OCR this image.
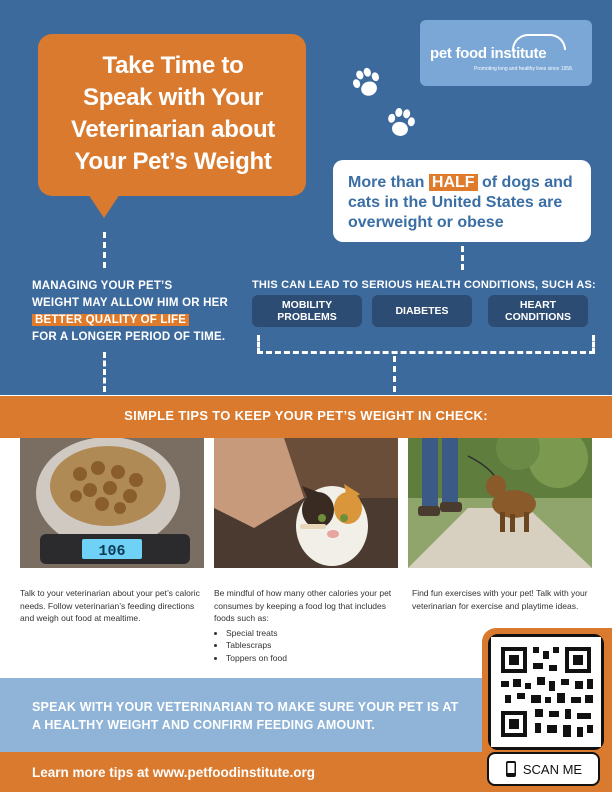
Take Time to
Speak with Your
Veterinarian about
Your Pet’s Weight
pet food institute
Promoting long and healthy lives since 1958.
More than HALF of dogs and cats in the United States are overweight or obese
MANAGING YOUR PET’S
WEIGHT MAY ALLOW HIM OR HER
BETTER QUALITY OF LIFE
FOR A LONGER PERIOD OF TIME.
THIS CAN LEAD TO SERIOUS HEALTH CONDITIONS, SUCH AS:
MOBILITY PROBLEMS	DIABETES	HEART CONDITIONS
SIMPLE TIPS TO KEEP YOUR PET’S WEIGHT IN CHECK:
106
Talk to your veterinarian about your pet’s caloric needs. Follow veterinarian’s feeding directions and weigh out food at mealtime.
Be mindful of how many other calories your pet consumes by keeping a food log that includes foods such as:
• Special treats
• Tablescraps
• Toppers on food
Find fun exercises with your pet! Talk with your veterinarian for exercise and playtime ideas.
SPEAK WITH YOUR VETERINARIAN TO MAKE SURE YOUR PET IS AT A HEALTHY WEIGHT AND CONFIRM FEEDING AMOUNT.
Learn more tips at www.petfoodinstitute.org	SCAN ME
